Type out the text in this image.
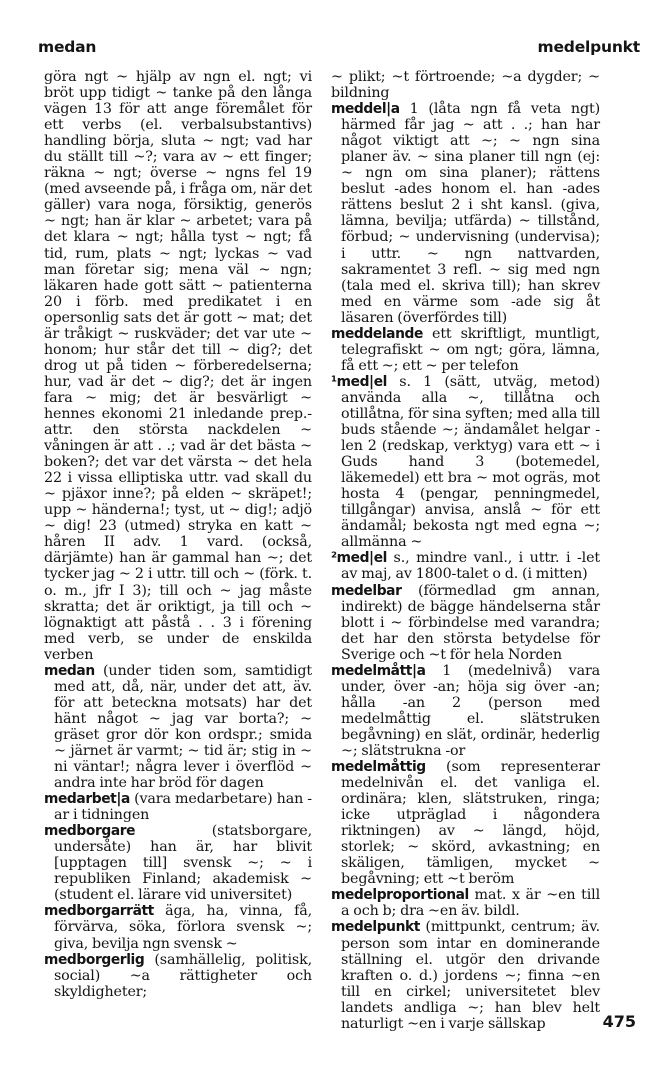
medan	medelpunkt

göra ngt ~ hjälp av ngn el. ngt; vi bröt upp tidigt ~ tanke på den långa vägen 13 för att ange föremålet för ett verbs (el. verbalsubstantivs) handling börja, sluta ~ ngt; vad har du ställt till ~?; vara av ~ ett finger; räkna ~ ngt; överse ~ ngns fel 19 (med avseende på, i fråga om, när det gäller) vara noga, försiktig, generös ~ ngt; han är klar ~ arbetet; vara på det klara ~ ngt; hålla tyst ~ ngt; få tid, rum, plats ~ ngt; lyckas ~ vad man företar sig; mena väl ~ ngn; läkaren hade gott sätt ~ patienterna 20 i förb. med predikatet i en opersonlig sats det är gott ~ mat; det är tråkigt ~ ruskväder; det var ute ~ honom; hur står det till ~ dig?; det drog ut på tiden ~ förberedelserna; hur, vad är det ~ dig?; det är ingen fara ~ mig; det är besvärligt ~ hennes ekonomi 21 inledande prep.-attr. den största nackdelen ~ våningen är att . .; vad är det bästa ~ boken?; det var det värsta ~ det hela 22 i vissa elliptiska uttr. vad skall du ~ pjäxor inne?; på elden ~ skräpet!; upp ~ händerna!; tyst, ut ~ dig!; adjö ~ dig! 23 (utmed) stryka en katt ~ håren II adv. 1 vard. (också, därjämte) han är gammal han ~; det tycker jag ~ 2 i uttr. till och ~ (förk. t. o. m., jfr I 3); till och ~ jag måste skratta; det är oriktigt, ja till och ~ lögnaktigt att påstå . . 3 i förening med verb, se under de enskilda verben

medan (under tiden som, samtidigt med att, då, när, under det att, äv. för att betecknа motsats) har det hänt något ~ jag var borta?; ~ gräset gror dör kon ordspr.; smida ~ järnet är varmt; ~ tid är; stig in ~ ni väntar!; några lever i överflöd ~ andra inte har bröd för dagen

medarbet|a (vara medarbetare) han -ar i tidningen

medborgare (statsborgare, undersåte) han är, har blivit [upptagen till] svensk ~; ~ i republiken Finland; akademisk ~ (student el. lärare vid universitet)

medborgarrätt äga, ha, vinna, få, förvärva, söka, förlora svensk ~; giva, bevilja ngn svensk ~

medborgerlig (samhällelig, politisk, social) ~a rättigheter och skyldigheter;

~ plikt; ~t förtroende; ~a dygder; ~ bildning

meddel|a 1 (låta ngn få veta ngt) härmed får jag ~ att . .; han har något viktigt att ~; ~ ngn sina planer äv. ~ sina planer till ngn (ej: ~ ngn om sina planer); rättens beslut -ades honom el. han -ades rättens beslut 2 i sht kansl. (giva, lämna, bevilja; utfärda) ~ tillstånd, förbud; ~ undervisning (undervisa); i uttr. ~ ngn nattvarden, sakramentet 3 refl. ~ sig med ngn (tala med el. skriva till); han skrev med en värme som -ade sig åt läsaren (överfördes till)

meddelande ett skriftligt, muntligt, telegrafiskt ~ om ngt; göra, lämna, få ett ~; ett ~ per telefon

¹med|el s. 1 (sätt, utväg, metod) använda alla ~, tillåtna och otillåtna, för sina syften; med alla till buds stående ~; ändamålet helgar -len 2 (redskap, verktyg) vara ett ~ i Guds hand 3 (botemedel, läkemedel) ett bra ~ mot ogräs, mot hosta 4 (pengar, penningmedel, tillgångar) anvisa, anslå ~ för ett ändamål; bekosta ngt med egna ~; allmänna ~

²med|el s., mindre vanl., i uttr. i -let av maj, av 1800-talet o d. (i mitten)

medelbar (förmedlad gm annan, indirekt) de bägge händelserna står blott i ~ förbindelse med varandra; det har den största betydelse för Sverige och ~t för hela Norden

medelmått|a 1 (medelnivå) vara under, över -an; höja sig över -an; hålla -an 2 (person med medelmåttig el. slätstruken begåvning) en slät, ordinär, hederlig ~; slätstrukna -or

medelmåttig (som representerar medelnivån el. det vanliga el. ordinära; klen, slätstruken, ringa; icke utpräglad i någondera riktningen) av ~ längd, höjd, storlek; ~ skörd, avkastning; en skäligen, tämligen, mycket ~ begåvning; ett ~t beröm

medelproportional mat. x är ~en till a och b; dra ~en äv. bildl.

medelpunkt (mittpunkt, centrum; äv. person som intar en dominerande ställning el. utgör den drivande kraften o. d.) jordens ~; finna ~en till en cirkel; universitetet blev landets andliga ~; han blev helt naturligt ~en i varje sällskap	475
